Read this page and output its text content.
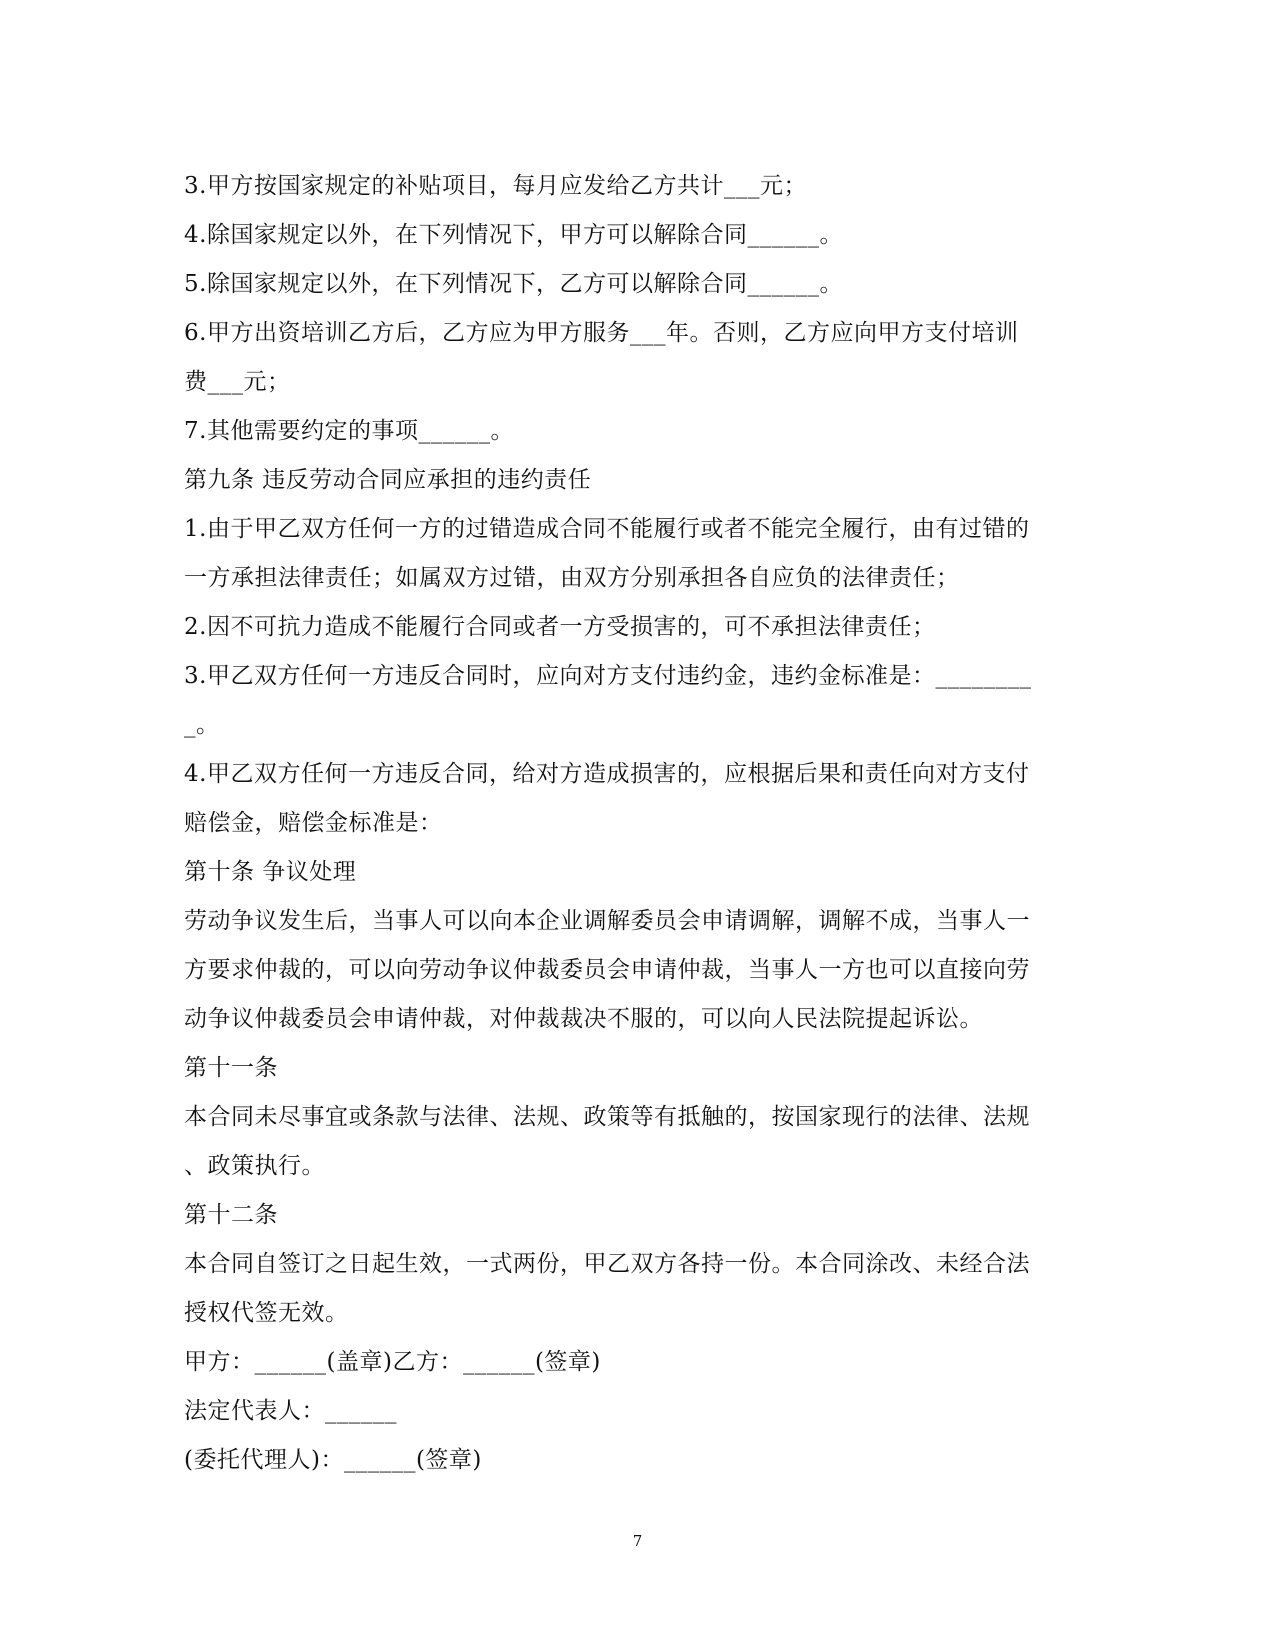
3.甲方按国家规定的补贴项目，每月应发给乙方共计___元；
4.除国家规定以外，在下列情况下，甲方可以解除合同______。
5.除国家规定以外，在下列情况下，乙方可以解除合同______。
6.甲方出资培训乙方后，乙方应为甲方服务___年。否则，乙方应向甲方支付培训
费___元；
7.其他需要约定的事项______。
第九条 违反劳动合同应承担的违约责任
1.由于甲乙双方任何一方的过错造成合同不能履行或者不能完全履行，由有过错的
一方承担法律责任；如属双方过错，由双方分别承担各自应负的法律责任；
2.因不可抗力造成不能履行合同或者一方受损害的，可不承担法律责任；
3.甲乙双方任何一方违反合同时，应向对方支付违约金，违约金标准是：________
_。
4.甲乙双方任何一方违反合同，给对方造成损害的，应根据后果和责任向对方支付
赔偿金，赔偿金标准是：
第十条 争议处理
劳动争议发生后，当事人可以向本企业调解委员会申请调解，调解不成，当事人一
方要求仲裁的，可以向劳动争议仲裁委员会申请仲裁，当事人一方也可以直接向劳
动争议仲裁委员会申请仲裁，对仲裁裁决不服的，可以向人民法院提起诉讼。
第十一条
本合同未尽事宜或条款与法律、法规、政策等有抵触的，按国家现行的法律、法规
、政策执行。
第十二条
本合同自签订之日起生效，一式两份，甲乙双方各持一份。本合同涂改、未经合法
授权代签无效。
甲方：______(盖章)乙方：______(签章)
法定代表人：______
(委托代理人)：______(签章)
7
